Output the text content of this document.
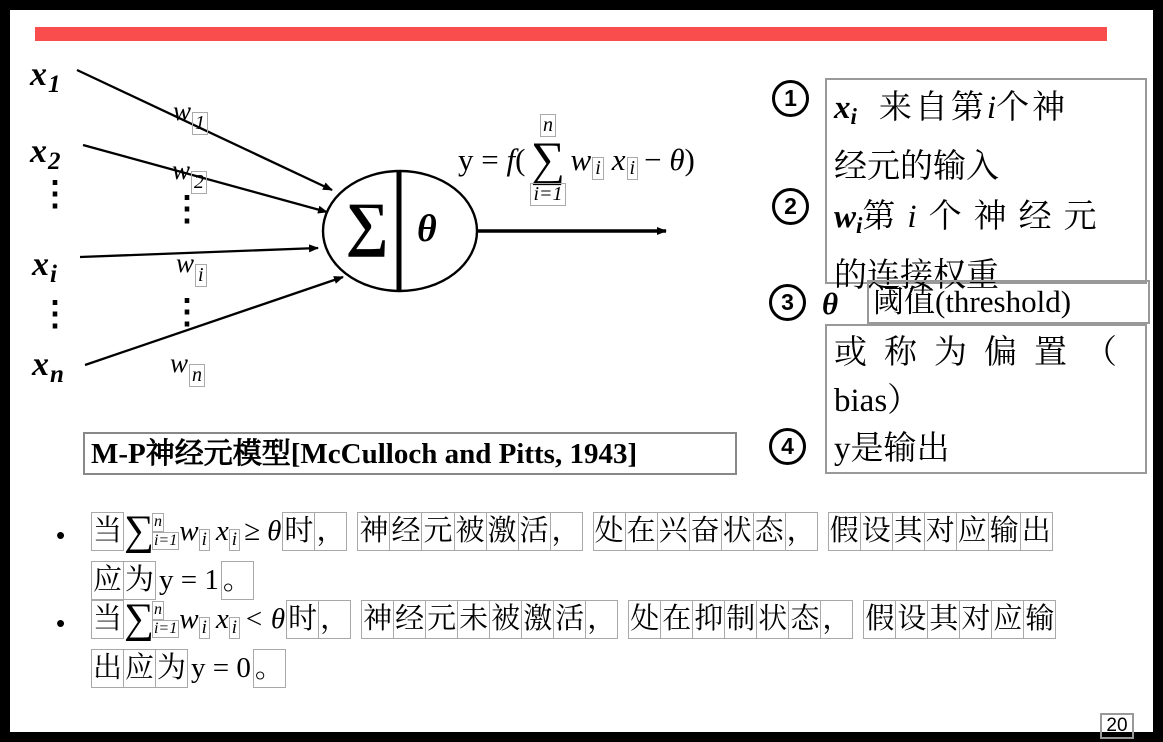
$x_1$
$x_2$
⋮
$x_i$
⋮
$x_n$
w 1
w 2
⋮
w i
⋮
w n
∑ θ
y = f(
n
∑
i=1
w i x i − θ)
M-P神经元模型[McCulloch and Pitts, 1943]
1
2
3
4
xi 来自第i个神
经元的输入
wi第i个神经元
的连接权重
θ 阈值(threshold)
或称为偏置（
bias）
y是输出
• 当 ∑ n
i=1 w i x i ≥ θ 时 ， 神 经 元 被 激 活 ， 处 在 兴 奋 状 态 ， 假 设 其 对 应 输 出
应 为 y = 1 。
• 当 ∑ n
i=1 w i x i < θ 时 ， 神 经 元 未 被 激 活 ， 处 在 抑 制 状 态 ， 假 设 其 对 应 输
出 应 为 y = 0 。
20
